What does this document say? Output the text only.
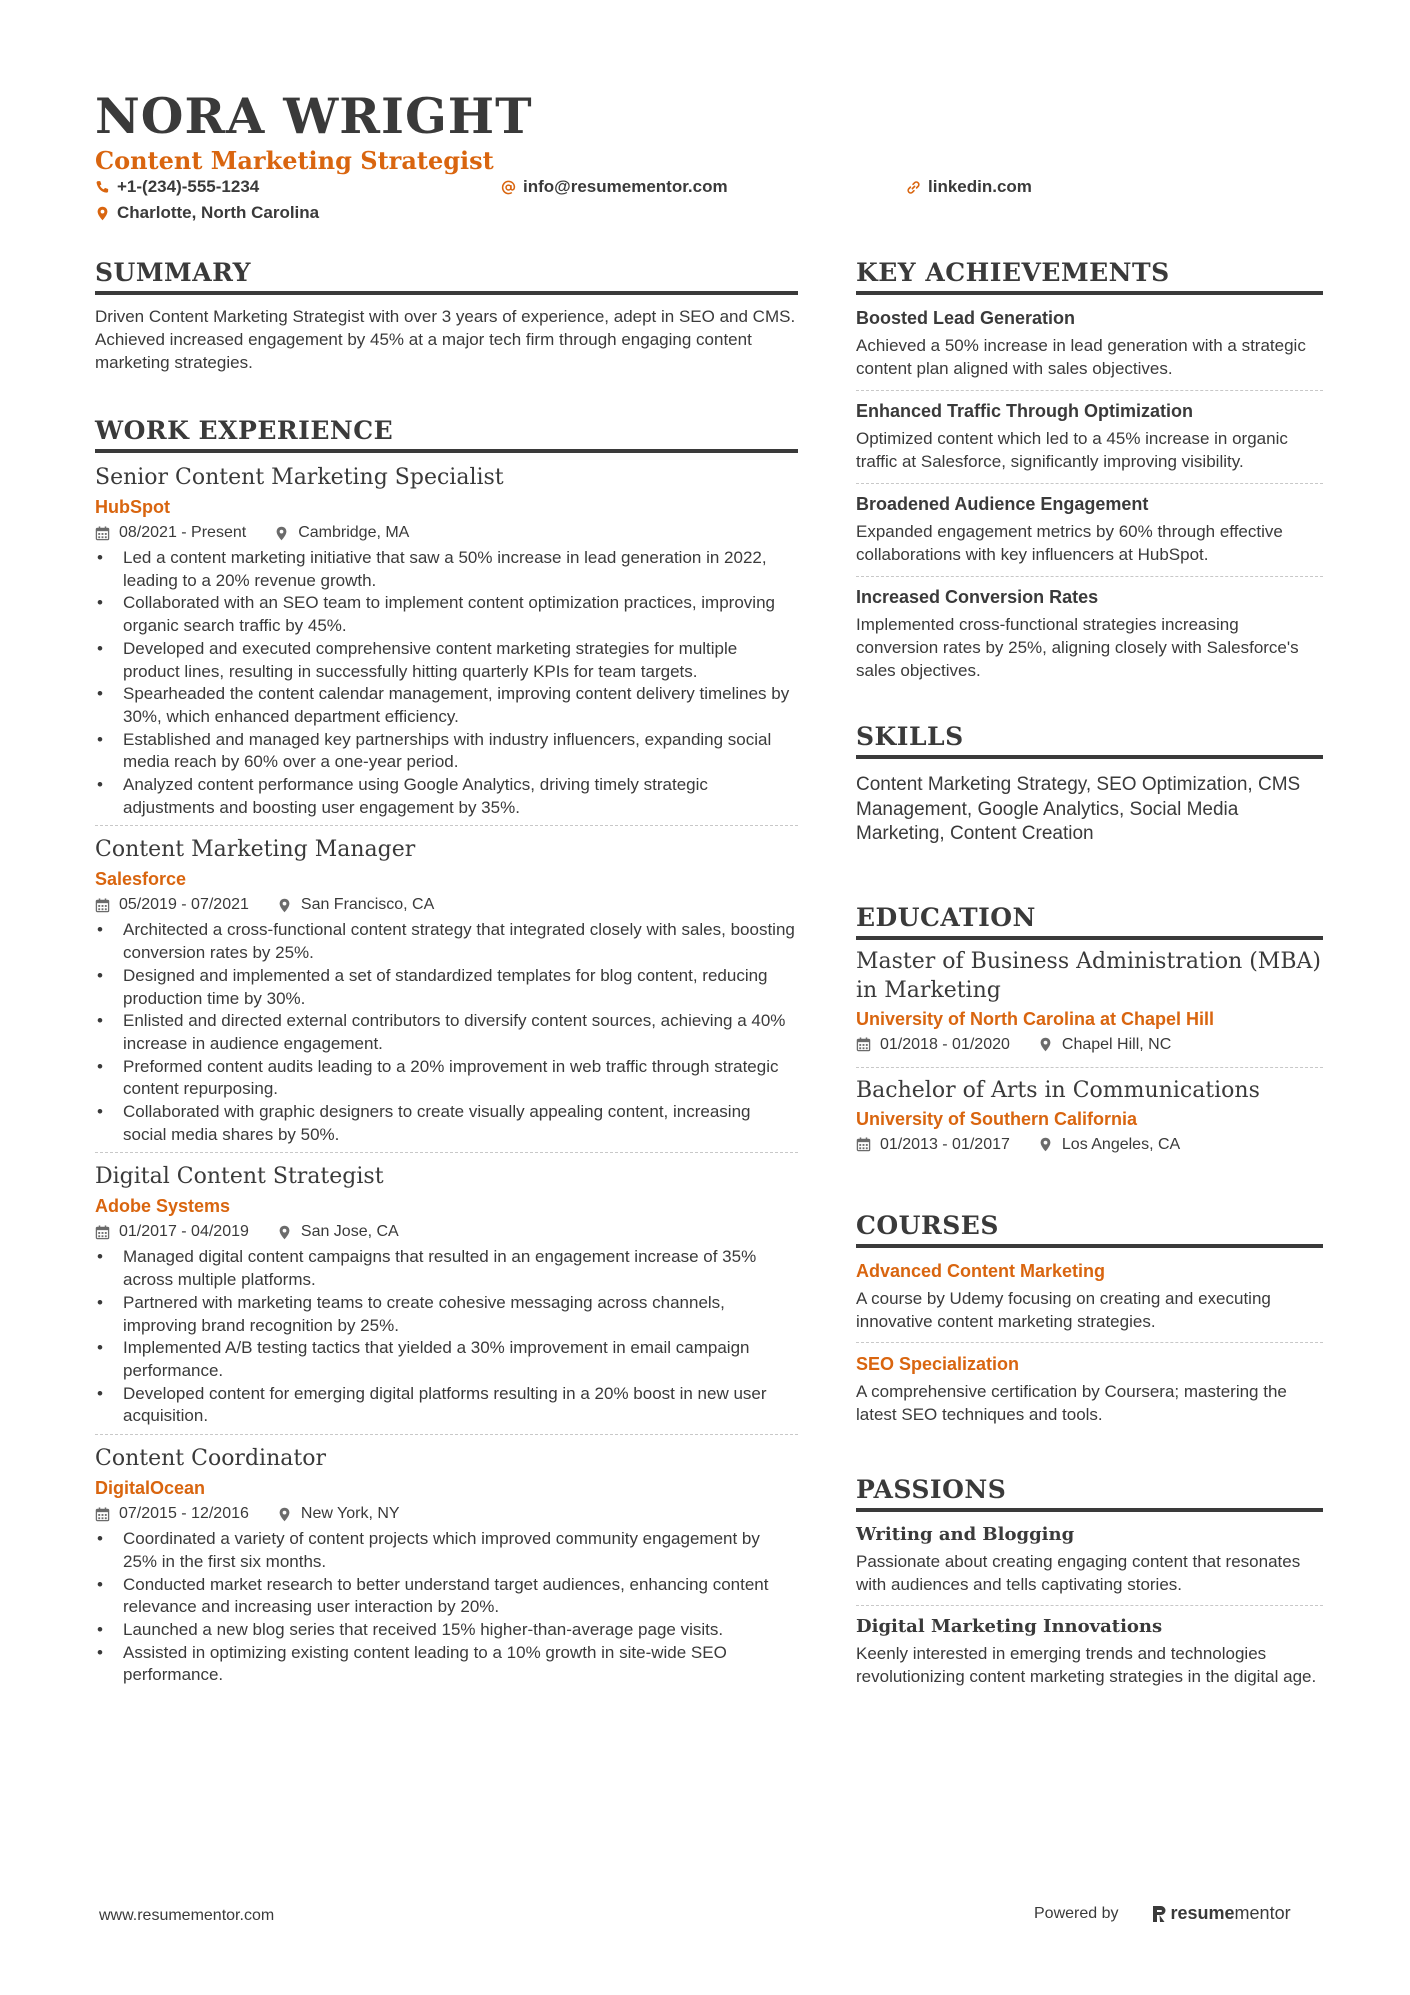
NORA WRIGHT
Content Marketing Strategist
+1-(234)-555-1234	info@resumementor.com	linkedin.com
Charlotte, North Carolina
SUMMARY
Driven Content Marketing Strategist with over 3 years of experience, adept in SEO and CMS. Achieved increased engagement by 45% at a major tech firm through engaging content marketing strategies.
WORK EXPERIENCE
Senior Content Marketing Specialist
HubSpot
08/2021 - Present	Cambridge, MA
• Led a content marketing initiative that saw a 50% increase in lead generation in 2022, leading to a 20% revenue growth.
• Collaborated with an SEO team to implement content optimization practices, improving organic search traffic by 45%.
• Developed and executed comprehensive content marketing strategies for multiple product lines, resulting in successfully hitting quarterly KPIs for team targets.
• Spearheaded the content calendar management, improving content delivery timelines by 30%, which enhanced department efficiency.
• Established and managed key partnerships with industry influencers, expanding social media reach by 60% over a one-year period.
• Analyzed content performance using Google Analytics, driving timely strategic adjustments and boosting user engagement by 35%.
Content Marketing Manager
Salesforce
05/2019 - 07/2021	San Francisco, CA
• Architected a cross-functional content strategy that integrated closely with sales, boosting conversion rates by 25%.
• Designed and implemented a set of standardized templates for blog content, reducing production time by 30%.
• Enlisted and directed external contributors to diversify content sources, achieving a 40% increase in audience engagement.
• Preformed content audits leading to a 20% improvement in web traffic through strategic content repurposing.
• Collaborated with graphic designers to create visually appealing content, increasing social media shares by 50%.
Digital Content Strategist
Adobe Systems
01/2017 - 04/2019	San Jose, CA
• Managed digital content campaigns that resulted in an engagement increase of 35% across multiple platforms.
• Partnered with marketing teams to create cohesive messaging across channels, improving brand recognition by 25%.
• Implemented A/B testing tactics that yielded a 30% improvement in email campaign performance.
• Developed content for emerging digital platforms resulting in a 20% boost in new user acquisition.
Content Coordinator
DigitalOcean
07/2015 - 12/2016	New York, NY
• Coordinated a variety of content projects which improved community engagement by 25% in the first six months.
• Conducted market research to better understand target audiences, enhancing content relevance and increasing user interaction by 20%.
• Launched a new blog series that received 15% higher-than-average page visits.
• Assisted in optimizing existing content leading to a 10% growth in site-wide SEO performance.
KEY ACHIEVEMENTS
Boosted Lead Generation
Achieved a 50% increase in lead generation with a strategic content plan aligned with sales objectives.
Enhanced Traffic Through Optimization
Optimized content which led to a 45% increase in organic traffic at Salesforce, significantly improving visibility.
Broadened Audience Engagement
Expanded engagement metrics by 60% through effective collaborations with key influencers at HubSpot.
Increased Conversion Rates
Implemented cross-functional strategies increasing conversion rates by 25%, aligning closely with Salesforce's sales objectives.
SKILLS
Content Marketing Strategy, SEO Optimization, CMS Management, Google Analytics, Social Media Marketing, Content Creation
EDUCATION
Master of Business Administration (MBA) in Marketing
University of North Carolina at Chapel Hill
01/2018 - 01/2020	Chapel Hill, NC
Bachelor of Arts in Communications
University of Southern California
01/2013 - 01/2017	Los Angeles, CA
COURSES
Advanced Content Marketing
A course by Udemy focusing on creating and executing innovative content marketing strategies.
SEO Specialization
A comprehensive certification by Coursera; mastering the latest SEO techniques and tools.
PASSIONS
Writing and Blogging
Passionate about creating engaging content that resonates with audiences and tells captivating stories.
Digital Marketing Innovations
Keenly interested in emerging trends and technologies revolutionizing content marketing strategies in the digital age.
www.resumementor.com	Powered by	resume mentor
